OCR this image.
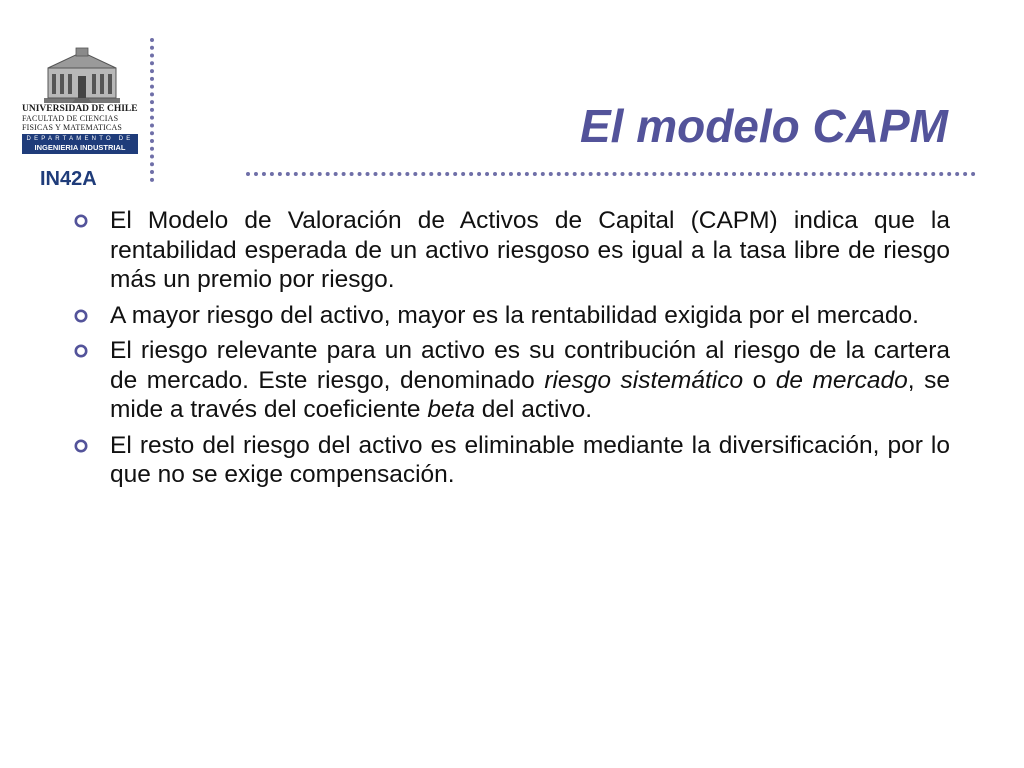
UNIVERSIDAD DE CHILE
FACULTAD DE CIENCIAS
FISICAS Y MATEMATICAS
DEPARTAMENTO DE
INGENIERIA INDUSTRIAL
IN42A
El modelo CAPM
El Modelo de Valoración de Activos de Capital (CAPM) indica que la rentabilidad esperada de un activo riesgoso es igual a la tasa libre de riesgo más un premio por riesgo.
A mayor riesgo del activo, mayor es la rentabilidad exigida por el mercado.
El riesgo relevante para un activo es su contribución al riesgo de la cartera de mercado. Este riesgo, denominado riesgo sistemático o de mercado, se mide a través del coeficiente beta del activo.
El resto del riesgo del activo es eliminable mediante la diversificación, por lo que no se exige compensación.
